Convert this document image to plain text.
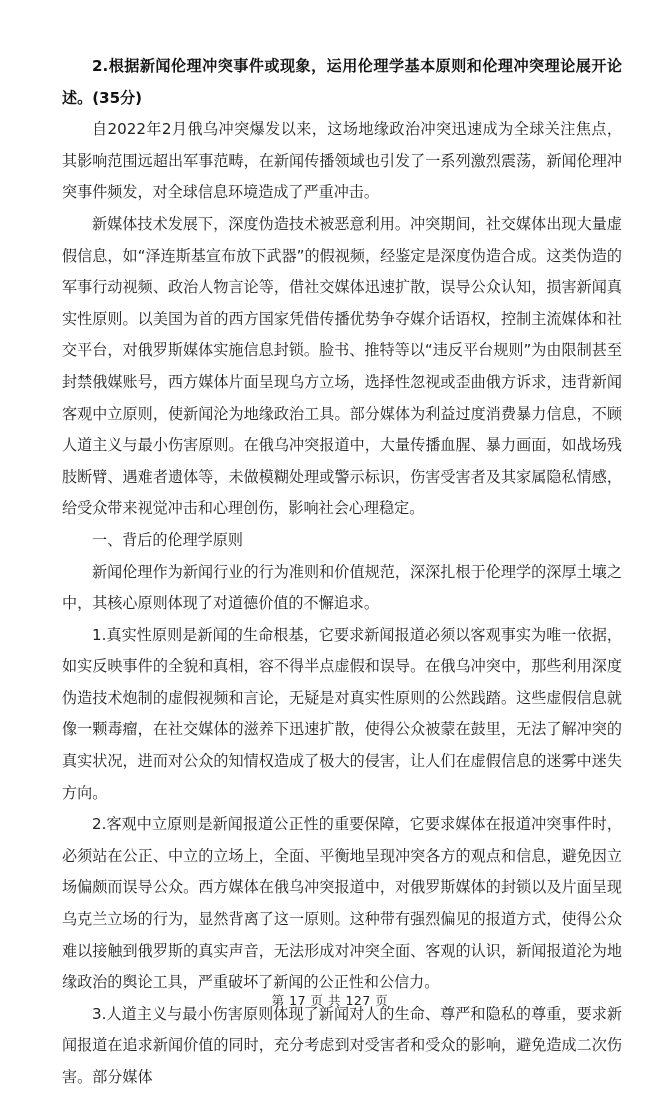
2.根据新闻伦理冲突事件或现象，运用伦理学基本原则和伦理冲突理论展开论述。(35分)

自2022年2月俄乌冲突爆发以来，这场地缘政治冲突迅速成为全球关注焦点，其影响范围远超出军事范畴，在新闻传播领域也引发了一系列激烈震荡，新闻伦理冲突事件频发，对全球信息环境造成了严重冲击。

新媒体技术发展下，深度伪造技术被恶意利用。冲突期间，社交媒体出现大量虚假信息，如“泽连斯基宣布放下武器”的假视频，经鉴定是深度伪造合成。这类伪造的军事行动视频、政治人物言论等，借社交媒体迅速扩散，误导公众认知，损害新闻真实性原则。以美国为首的西方国家凭借传播优势争夺媒介话语权，控制主流媒体和社交平台，对俄罗斯媒体实施信息封锁。脸书、推特等以“违反平台规则”为由限制甚至封禁俄媒账号，西方媒体片面呈现乌方立场，选择性忽视或歪曲俄方诉求，违背新闻客观中立原则，使新闻沦为地缘政治工具。部分媒体为利益过度消费暴力信息，不顾人道主义与最小伤害原则。在俄乌冲突报道中，大量传播血腥、暴力画面，如战场残肢断臂、遇难者遗体等，未做模糊处理或警示标识，伤害受害者及其家属隐私情感，给受众带来视觉冲击和心理创伤，影响社会心理稳定。

一、背后的伦理学原则

新闻伦理作为新闻行业的行为准则和价值规范，深深扎根于伦理学的深厚土壤之中，其核心原则体现了对道德价值的不懈追求。

1.真实性原则是新闻的生命根基，它要求新闻报道必须以客观事实为唯一依据，如实反映事件的全貌和真相，容不得半点虚假和误导。在俄乌冲突中，那些利用深度伪造技术炮制的虚假视频和言论，无疑是对真实性原则的公然践踏。这些虚假信息就像一颗毒瘤，在社交媒体的滋养下迅速扩散，使得公众被蒙在鼓里，无法了解冲突的真实状况，进而对公众的知情权造成了极大的侵害，让人们在虚假信息的迷雾中迷失方向。

2.客观中立原则是新闻报道公正性的重要保障，它要求媒体在报道冲突事件时，必须站在公正、中立的立场上，全面、平衡地呈现冲突各方的观点和信息，避免因立场偏颇而误导公众。西方媒体在俄乌冲突报道中，对俄罗斯媒体的封锁以及片面呈现乌克兰立场的行为，显然背离了这一原则。这种带有强烈偏见的报道方式，使得公众难以接触到俄罗斯的真实声音，无法形成对冲突全面、客观的认识，新闻报道沦为地缘政治的舆论工具，严重破坏了新闻的公正性和公信力。

3.人道主义与最小伤害原则体现了新闻对人的生命、尊严和隐私的尊重，要求新闻报道在追求新闻价值的同时，充分考虑到对受害者和受众的影响，避免造成二次伤害。部分媒体

第 17 页 共 127 页
